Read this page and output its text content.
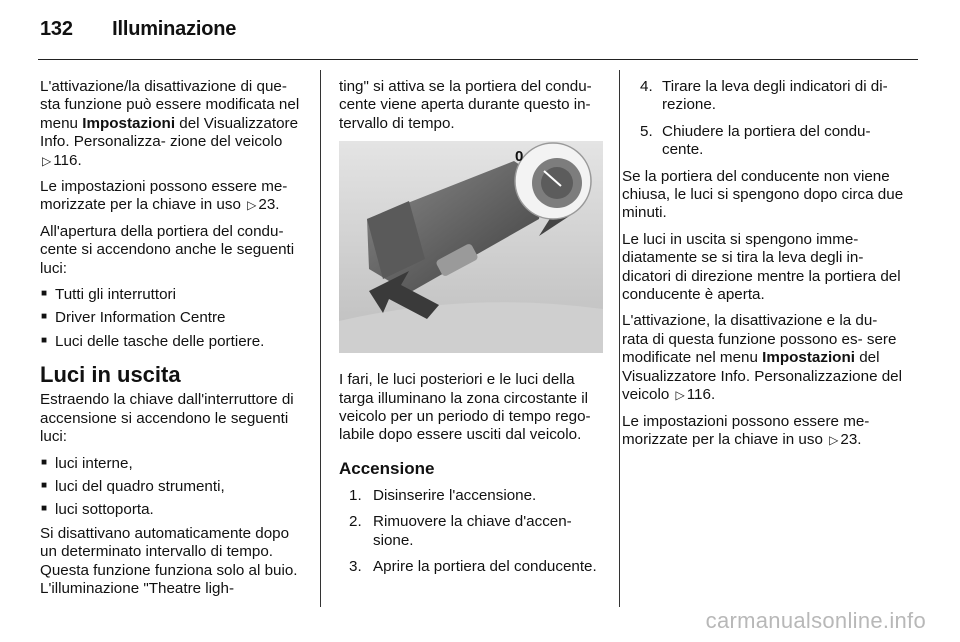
132 Illuminazione

L'attivazione/la disattivazione di que- sta funzione può essere modificata nel menu Impostazioni del Visualizzatore Info. Personalizza- zione del veicolo ▷ 116.

Le impostazioni possono essere me- morizzate per la chiave in uso ▷ 23.

All'apertura della portiera del condu- cente si accendono anche le seguenti luci:

■ Tutti gli interruttori
■ Driver Information Centre
■ Luci delle tasche delle portiere.
Luci in uscita

Estraendo la chiave dall'interruttore di accensione si accendono le seguenti luci:

■ luci interne,
■ luci del quadro strumenti,
■ luci sottoporta.

Si disattivano automaticamente dopo un determinato intervallo di tempo. Questa funzione funziona solo al buio. L'illuminazione "Theatre ligh-

ting" si attiva se la portiera del condu- cente viene aperta durante questo in- tervallo di tempo.

0

I fari, le luci posteriori e le luci della targa illuminano la zona circostante il veicolo per un periodo di tempo rego- labile dopo essere usciti dal veicolo.

Accensione
1. Disinserire l'accensione.
2. Rimuovere la chiave d'accen- sione.
3. Aprire la portiera del conducente.
4. Tirare la leva degli indicatori di di- rezione.
5. Chiudere la portiera del condu- cente.

Se la portiera del conducente non viene chiusa, le luci si spengono dopo circa due minuti.

Le luci in uscita si spengono imme- diatamente se si tira la leva degli in- dicatori di direzione mentre la portiera del conducente è aperta.

L'attivazione, la disattivazione e la du- rata di questa funzione possono es- sere modificate nel menu Impostazioni del Visualizzatore Info. Personalizzazione del veicolo ▷ 116.

Le impostazioni possono essere me- morizzate per la chiave in uso ▷ 23.

carmanualsonline.info
